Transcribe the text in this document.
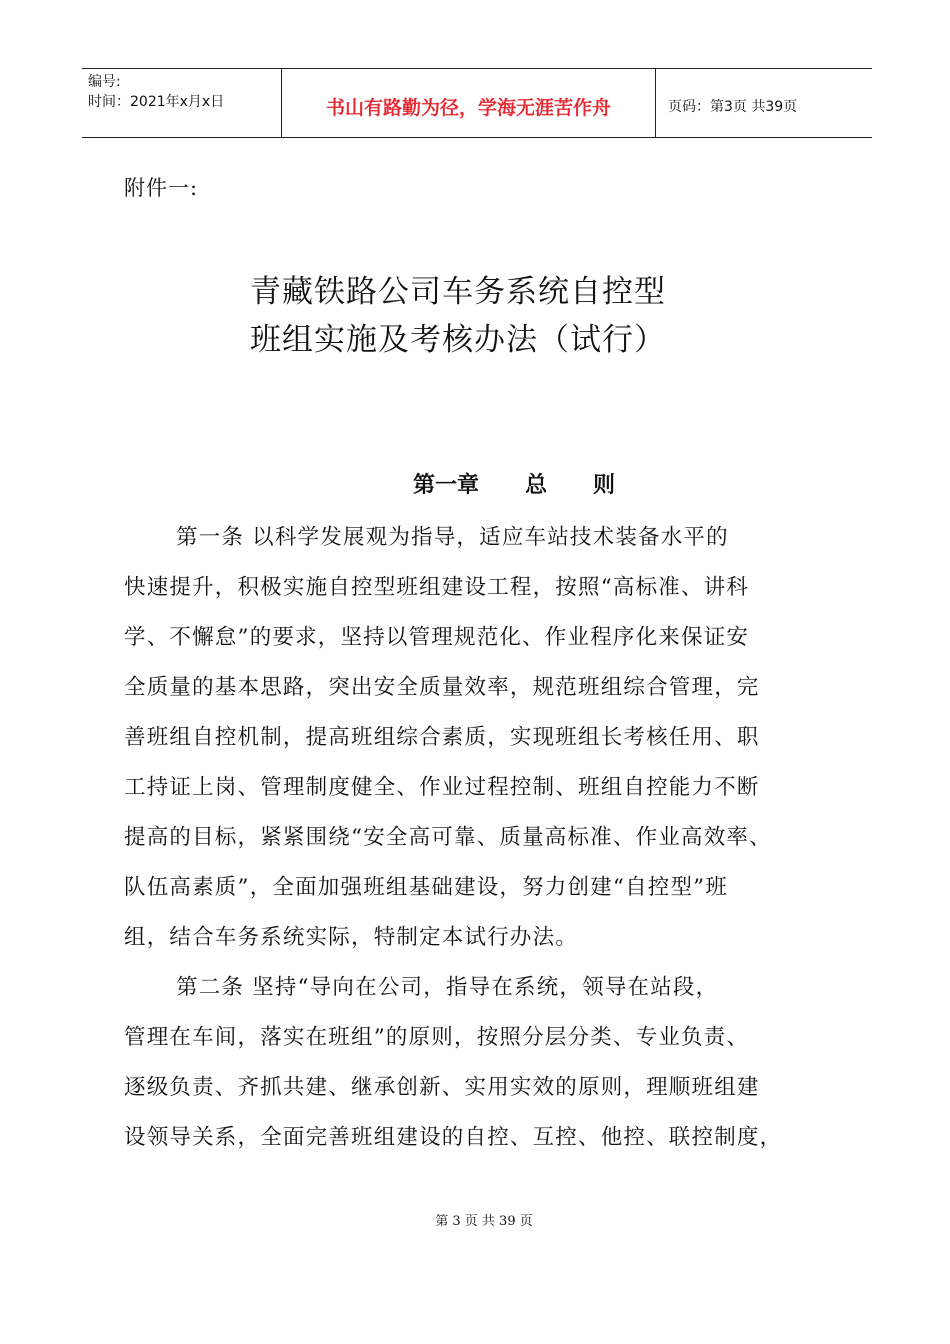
编号:
时间：2021年x月x日	书山有路勤为径，学海无涯苦作舟	页码：第3页 共39页
附件一:
青藏铁路公司车务系统自控型
班组实施及考核办法（试行）
第一章      总      则
第一条 以科学发展观为指导，适应车站技术装备水平的
快速提升，积极实施自控型班组建设工程，按照“高标准、讲科
学、不懈怠”的要求，坚持以管理规范化、作业程序化来保证安
全质量的基本思路，突出安全质量效率，规范班组综合管理，完
善班组自控机制，提高班组综合素质，实现班组长考核任用、职
工持证上岗、管理制度健全、作业过程控制、班组自控能力不断
提高的目标，紧紧围绕“安全高可靠、质量高标准、作业高效率、
队伍高素质”，全面加强班组基础建设，努力创建“自控型”班
组，结合车务系统实际，特制定本试行办法。
第二条 坚持“导向在公司，指导在系统，领导在站段，
管理在车间，落实在班组”的原则，按照分层分类、专业负责、
逐级负责、齐抓共建、继承创新、实用实效的原则，理顺班组建
设领导关系，全面完善班组建设的自控、互控、他控、联控制度，
第 3 页 共 39 页
